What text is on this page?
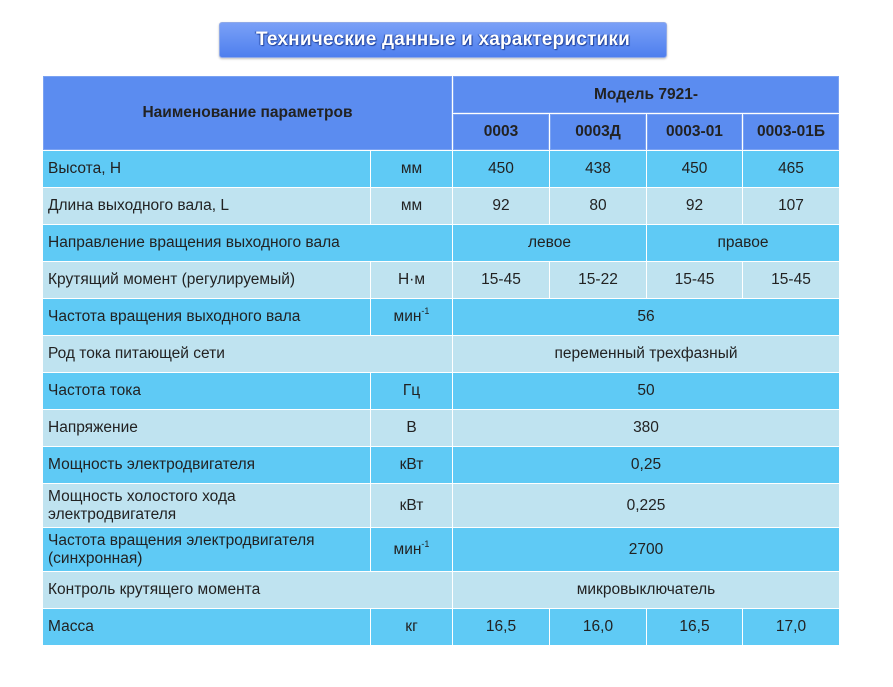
Технические данные и характеристики
Наименование параметров		Модель 7921-			
		0003	0003Д	0003-01	0003-01Б
Высота, Н	мм	450	438	450	465
Длина выходного вала, L	мм	92	80	92	107
Направление вращения выходного вала		левое		правое	
Крутящий момент (регулируемый)	Н·м	15-45	15-22	15-45	15-45
Частота вращения выходного вала	мин$^{-1}$	56			
Род тока питающей сети		переменный трехфазный			
Частота тока	Гц	50			
Напряжение	В	380			
Мощность электродвигателя	кВт	0,25			
Мощность холостого хода
электродвигателя	кВт	0,225			
Частота вращения электродвигателя
(синхронная)	мин$^{-1}$	2700			
Контроль крутящего момента		микровыключатель			
Масса	кг	16,5	16,0	16,5	17,0
